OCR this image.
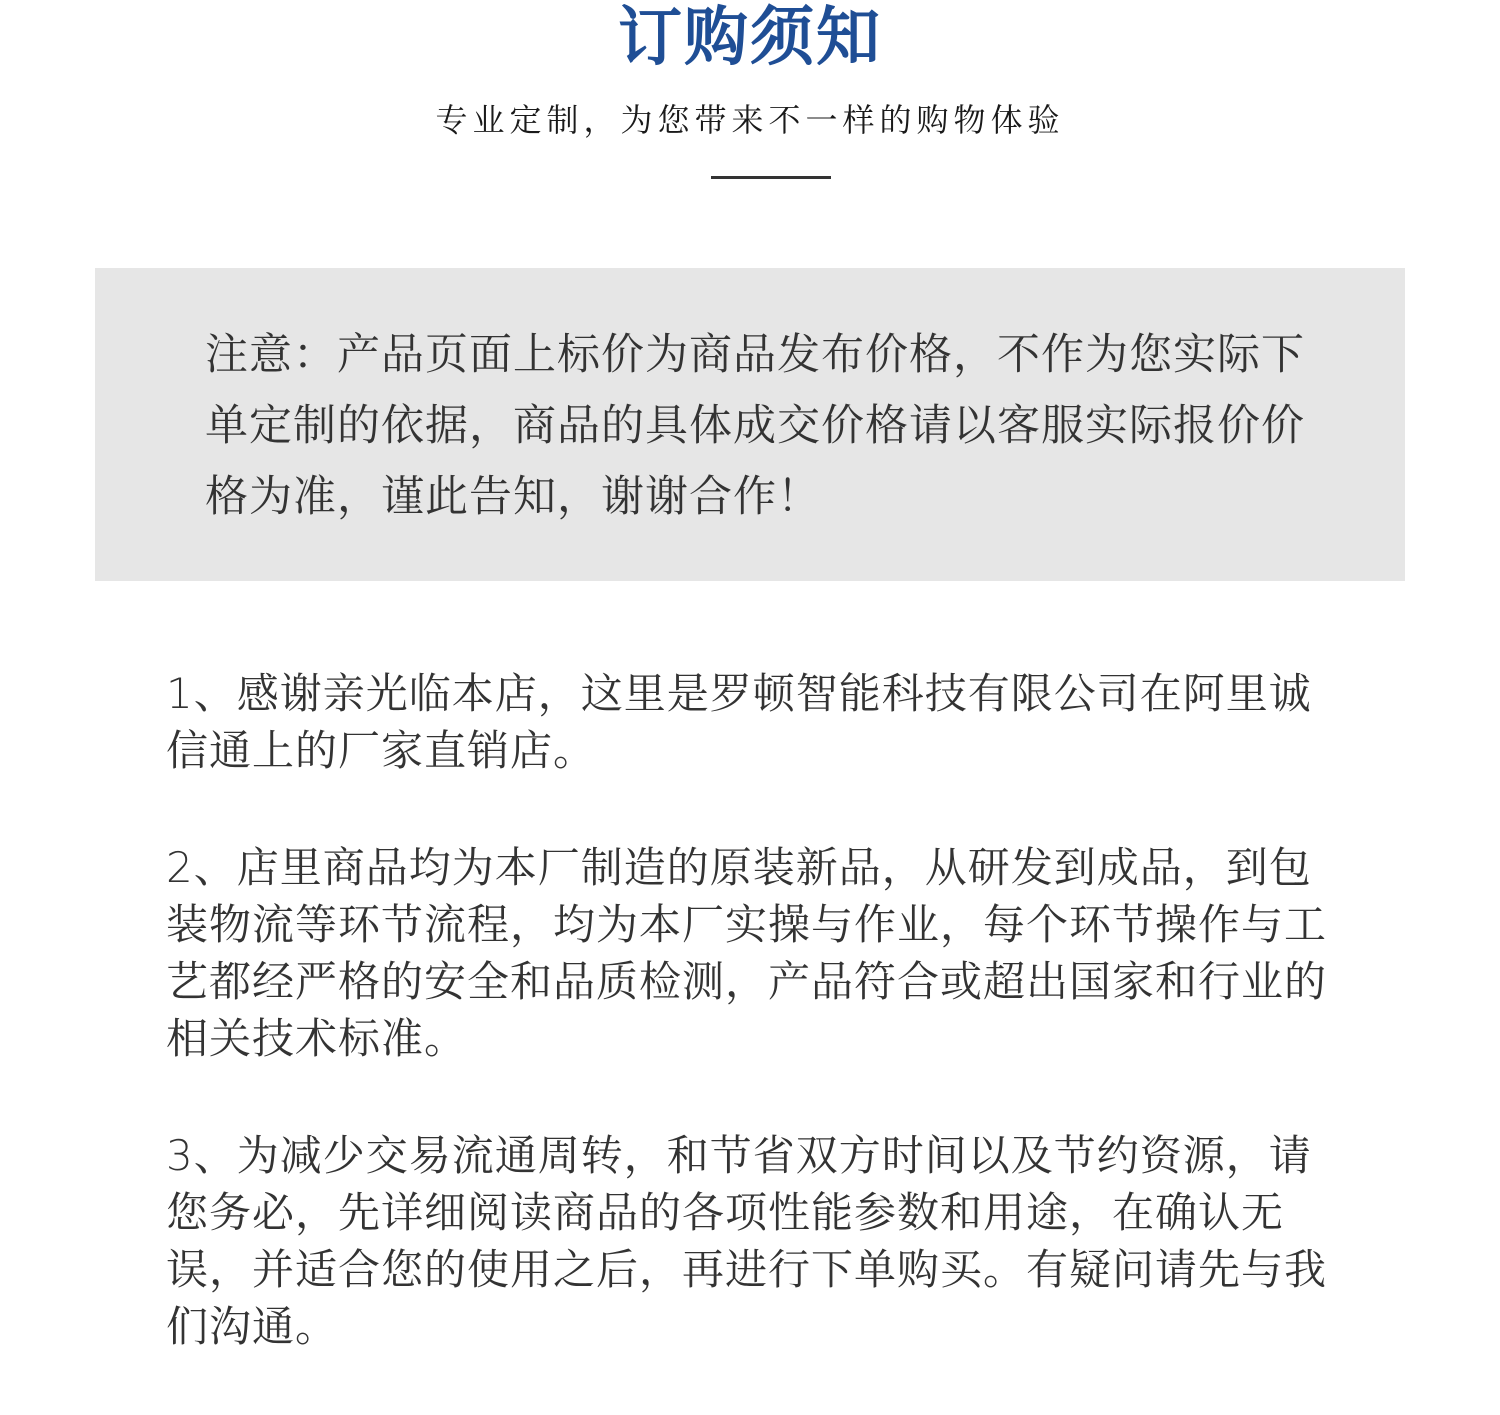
订购须知
专业定制，为您带来不一样的购物体验
注意：产品页面上标价为商品发布价格，不作为您实际下单定制的依据，商品的具体成交价格请以客服实际报价价格为准，谨此告知，谢谢合作！

1、感谢亲光临本店，这里是罗顿智能科技有限公司在阿里诚信通上的厂家直销店。

2、店里商品均为本厂制造的原装新品，从研发到成品，到包装物流等环节流程，均为本厂实操与作业，每个环节操作与工艺都经严格的安全和品质检测，产品符合或超出国家和行业的相关技术标准。

3、为减少交易流通周转，和节省双方时间以及节约资源，请您务必，先详细阅读商品的各项性能参数和用途，在确认无误，并适合您的使用之后，再进行下单购买。有疑问请先与我们沟通。
